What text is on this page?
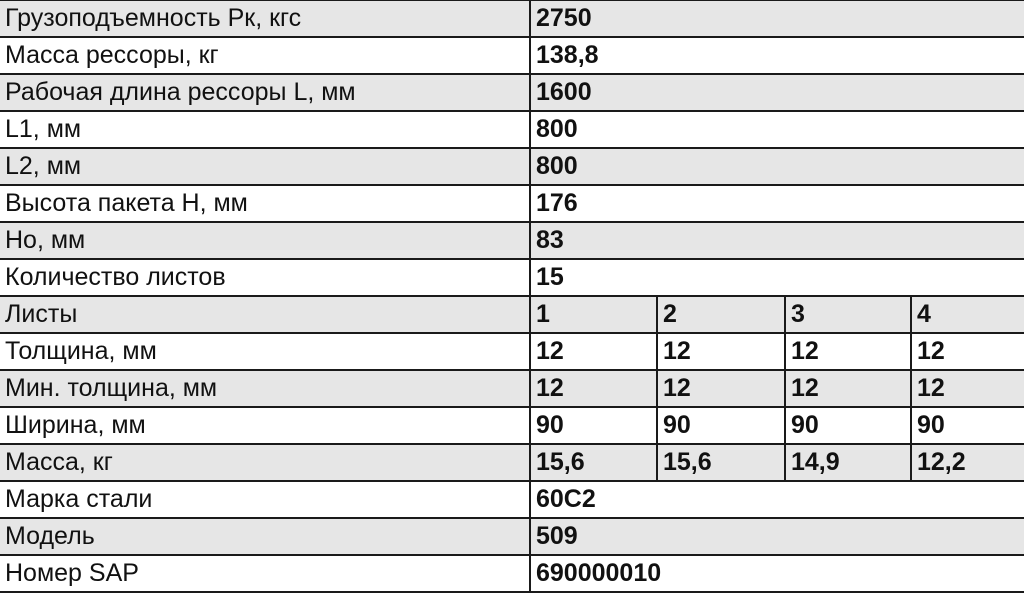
Грузоподъемность Рк, кгс	2750			
Масса рессоры, кг	138,8			
Рабочая длина рессоры L, мм	1600			
L1, мм	800			
L2, мм	800			
Высота пакета H, мм	176			
Ho, мм	83			
Количество листов	15			
Листы	1	2	3	4
Толщина, мм	12	12	12	12
Мин. толщина, мм	12	12	12	12
Ширина, мм	90	90	90	90
Масса, кг	15,6	15,6	14,9	12,2
Марка стали	60С2			
Модель	509			
Номер SAP	690000010			
